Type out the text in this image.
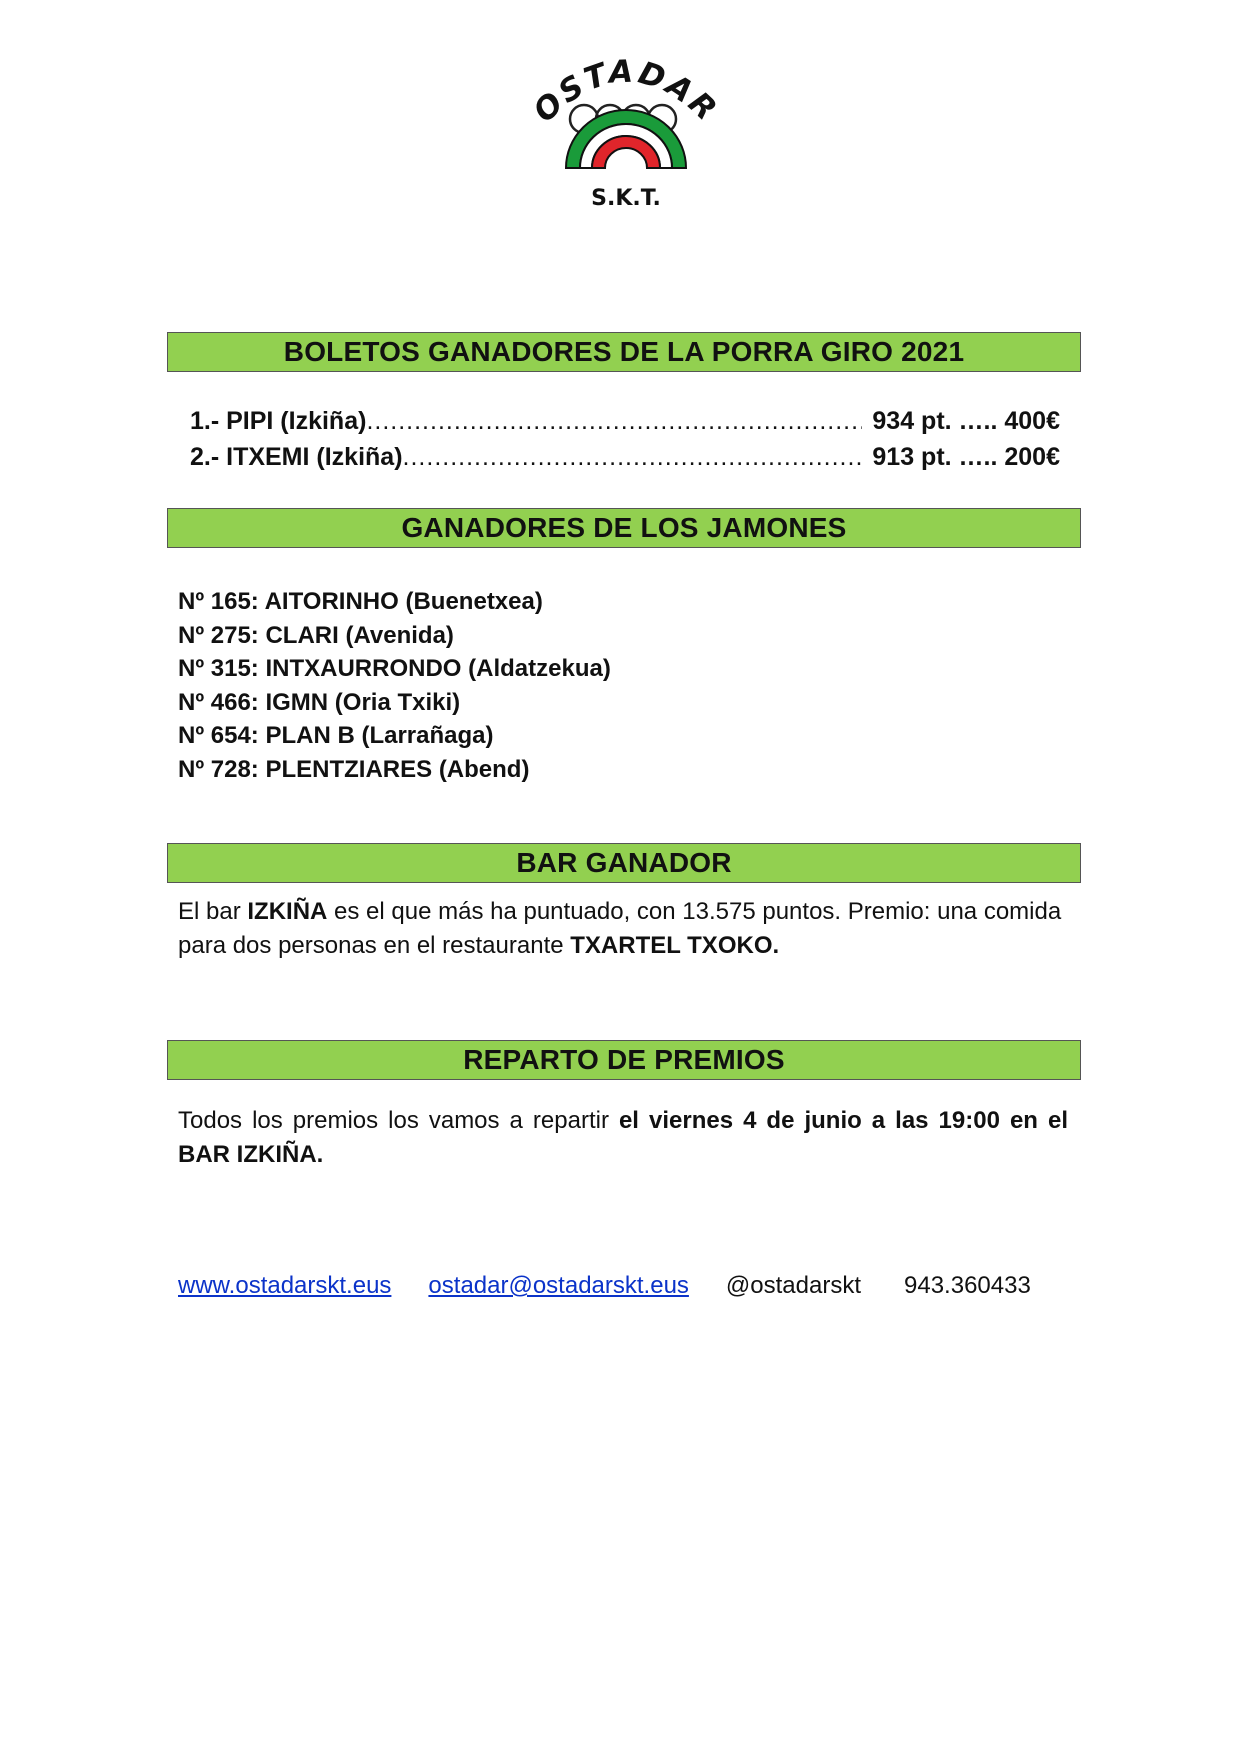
STADA
S.K.T.
BOLETOS GANADORES DE LA PORRA GIRO 2021
1.- PIPI (Izkiña) .....	934 pt. ….. 400€
2.- ITXEMI (Izkiña) .....	913 pt. ….. 200€
GANADORES DE LOS JAMONES
Nº 165: AITORINHO (Buenetxea)
Nº 275: CLARI (Avenida)
Nº 315: INTXAURRONDO (Aldatzekua)
Nº 466: IGMN (Oria Txiki)
Nº 654: PLAN B (Larrañaga)
Nº 728: PLENTZIARES (Abend)
BAR GANADOR

El bar IZKIÑA es el que más ha puntuado, con 13.575 puntos. Premio: una comida para dos personas en el restaurante TXARTEL TXOKO.

REPARTO DE PREMIOS

Todos los premios los vamos a repartir el viernes 4 de junio a las 19:00 en el BAR IZKIÑA.

www.ostadarskt.eus ostadar@ostadarskt.eus @ostadarskt 943.360433
